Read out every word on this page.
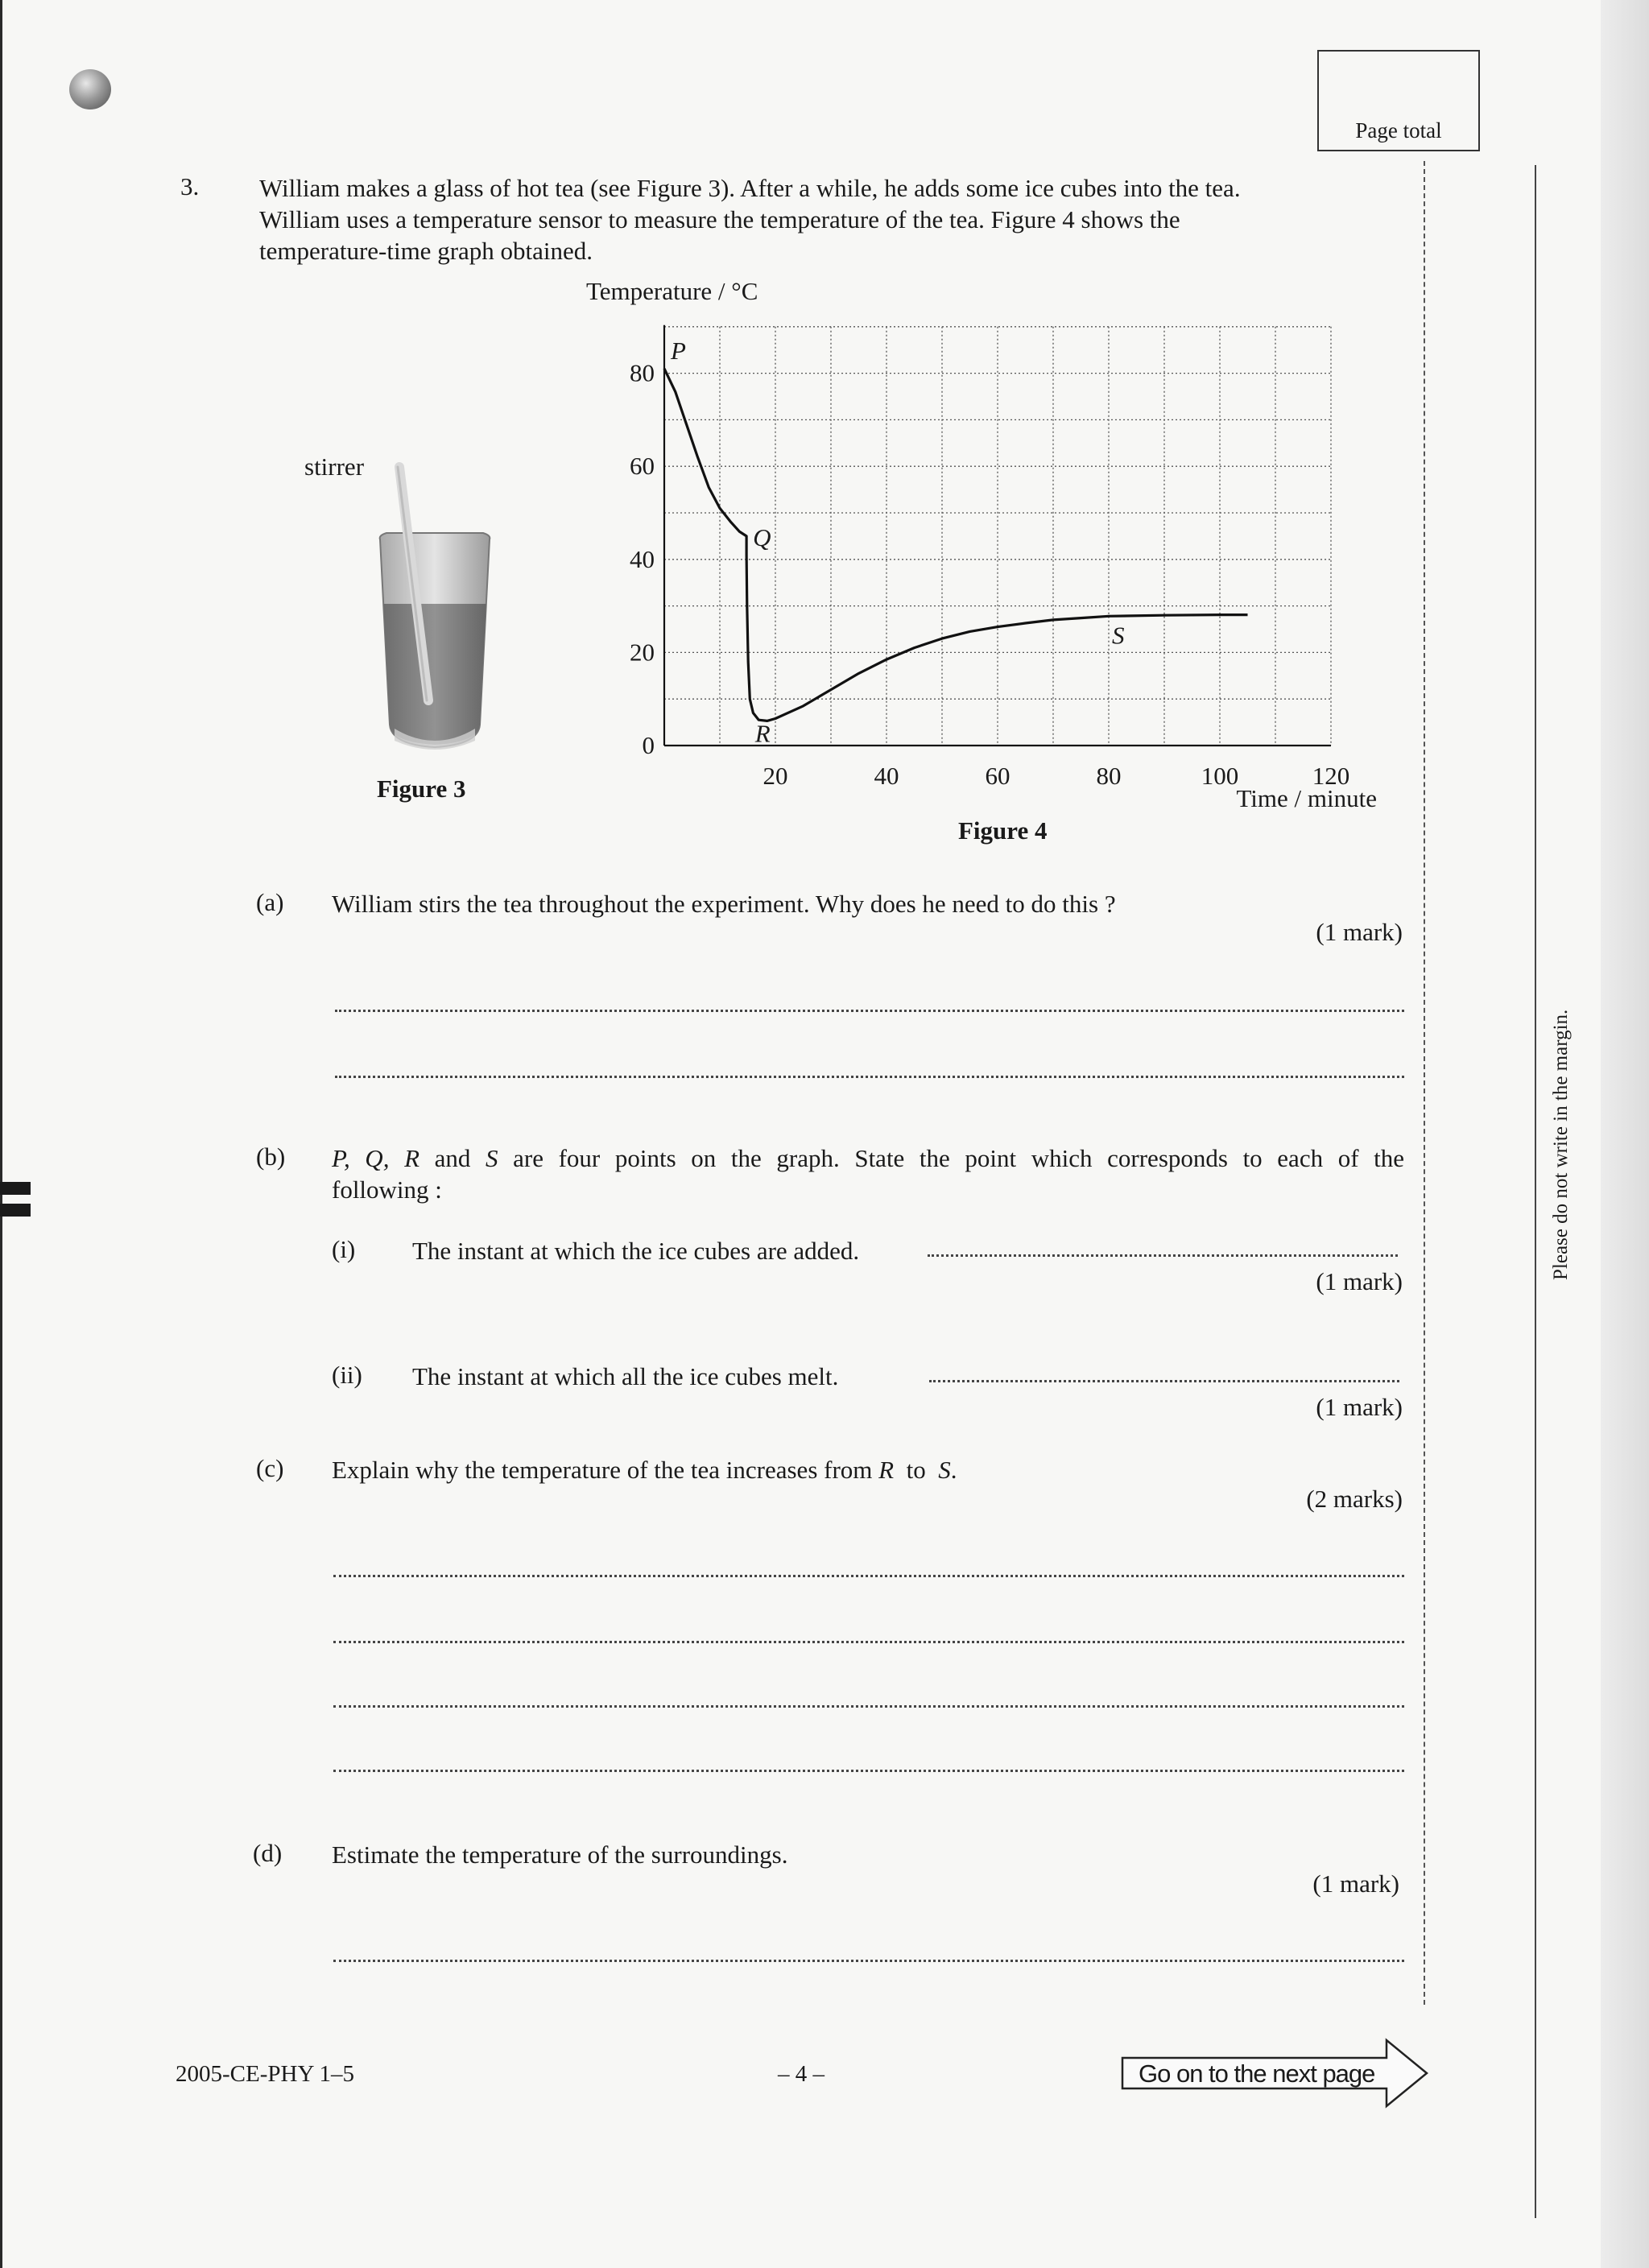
Page total
Please do not write in the margin.
3. William makes a glass of hot tea (see Figure 3). After a while, he adds some ice cubes into the tea.
William uses a temperature sensor to measure the temperature of the tea. Figure 4 shows the
temperature-time graph obtained.
stirrer
Figure 3
0
20
40
60
80
20	40	60	80	100	120
P
Q
R
S
Temperature / °C
Time / minute
Figure 4
(a) William stirs the tea throughout the experiment. Why does he need to do this ?
(1 mark)
(b) P, Q, R and S are four points on the graph. State the point which corresponds to each of the
following :
(i) The instant at which the ice cubes are added.
(1 mark)
(ii) The instant at which all the ice cubes melt.
(1 mark)
(c) Explain why the temperature of the tea increases from R  to  S.
(2 marks)
(d) Estimate the temperature of the surroundings.
(1 mark)
2005-CE-PHY 1–5	– 4 –	Go on to the next page
